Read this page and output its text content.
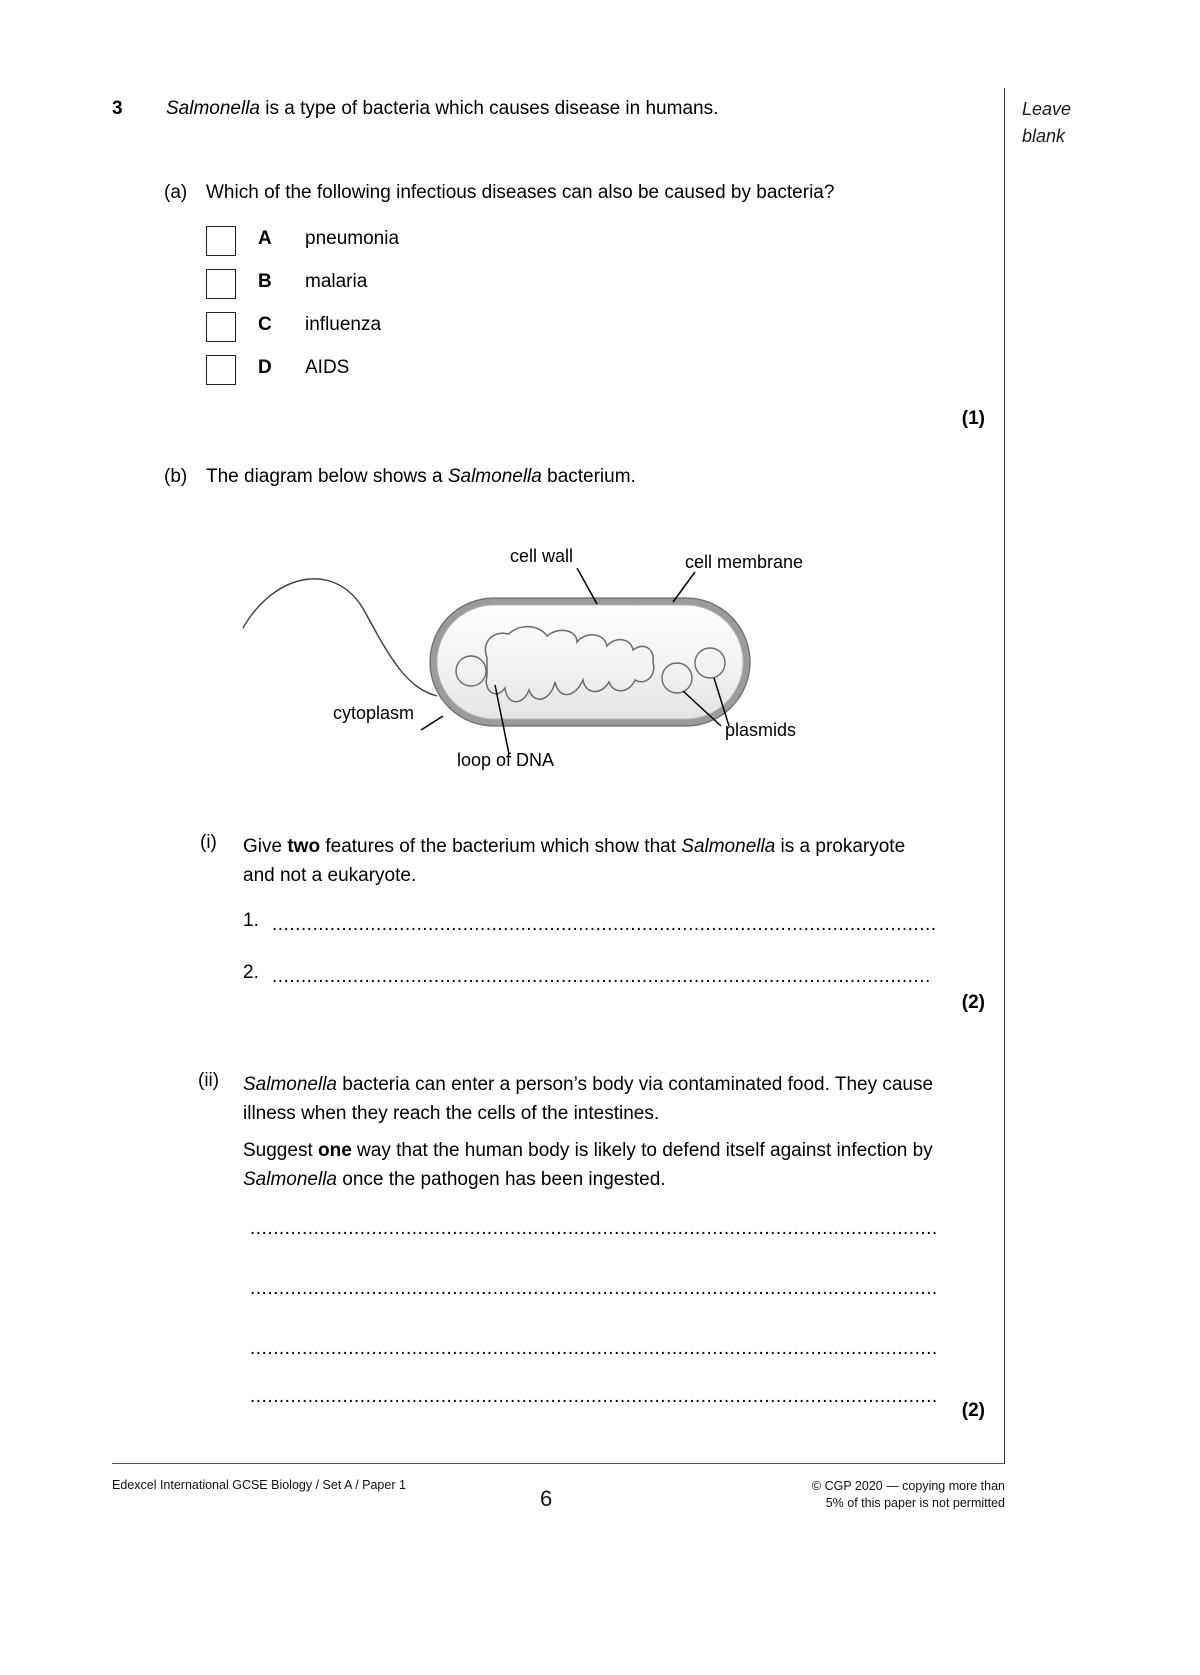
Leave
blank
3 Salmonella is a type of bacteria which causes disease in humans.
(a) Which of the following infectious diseases can also be caused by bacteria?
A pneumonia
B malaria
C influenza
D AIDS
(1)
(b) The diagram below shows a Salmonella bacterium.
cell wall	cell membrane
cytoplasm
plasmids
loop of DNA
(i) Give two features of the bacterium which show that Salmonella is a prokaryote and not a eukaryote.
1. ...................................................................................................................
2. ..................................................................................................................
(2)
(ii) Salmonella bacteria can enter a person’s body via contaminated food. They cause illness when they reach the cells of the intestines.
Suggest one way that the human body is likely to defend itself against infection by Salmonella once the pathogen has been ingested.
.......................................................................................................................
.......................................................................................................................
.......................................................................................................................
.......................................................................................................................
(2)
Edexcel International GCSE Biology / Set A / Paper 1
6	© CGP 2020 — copying more than
5% of this paper is not permitted
